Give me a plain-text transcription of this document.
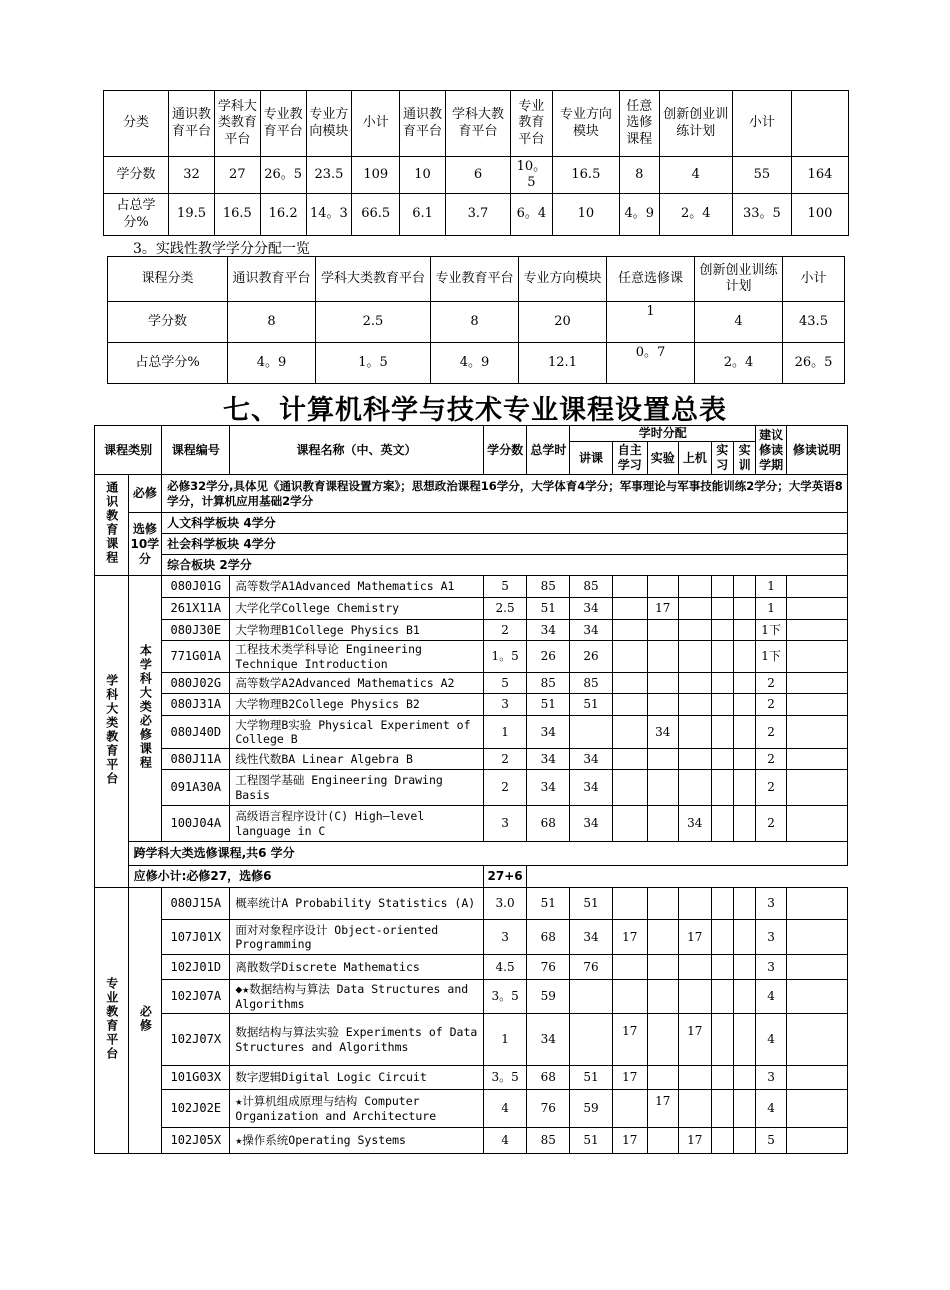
分类	通识教育平台	学科大类教育平台	专业教育平台	专业方向模块	小计	通识教育平台	学科大教育平台	专业教育平台	专业方向模块	任意选修课程	创新创业训练计划	小计	
学分数	32	27	26。5	23.5	109	10	6	10。5	16.5	8	4	55	164
占总学分%	19.5	16.5	16.2	14。3	66.5	6.1	3.7	6。4	10	4。9	2。4	33。5	100
3。实践性教学学分分配一览
课程分类	通识教育平台	学科大类教育平台	专业教育平台	专业方向模块	任意选修课	创新创业训练计划	小计
学分数	8	2.5	8	20	1	4	43.5
占总学分%	4。9	1。5	4。9	12.1	0。7	2。4	26。5
七、计算机科学与技术专业课程设置总表
课程类别		课程编号	课程名称（中、英文）	学分数	总学时	学时分配						建议修读学期	修读说明
						讲课	自主学习	实验	上机	实习	实训		
通识教育课程	必修	必修32学分,具体见《通识教育课程设置方案》；思想政治课程16学分，大学体育4学分；军事理论与军事技能训练2学分；大学英语8学分，计算机应用基础2学分											
	选修10学分	人文科学板块 4学分											
		社会科学板块 4学分											
		综合板块 2学分											
学科大类教育平台	本学科大类必修课程	080J01G	高等数学A1Advanced Mathematics A1	5	85	85						1	
		261X11A	大学化学College Chemistry	2.5	51	34		17				1	
		080J30E	大学物理B1College Physics B1	2	34	34						1下	
		771G01A	工程技术类学科导论 Engineering Technique Introduction	1。5	26	26						1下	
		080J02G	高等数学A2Advanced Mathematics A2	5	85	85						2	
		080J31A	大学物理B2College Physics B2	3	51	51						2	
		080J40D	大学物理B实验 Physical Experiment of College B	1	34			34				2	
		080J11A	线性代数BA Linear Algebra B	2	34	34						2	
		091A30A	工程图学基础 Engineering Drawing Basis	2	34	34						2	
		100J04A	高级语言程序设计(C) High—level language in C	3	68	34			34			2	
	跨学科大类选修课程,共6 学分												
	应修小计:必修27，选修6			27+6									
专业教育平台	必修	080J15A	概率统计A Probability Statistics (A)	3.0	51	51						3	
		107J01X	面对对象程序设计 Object-oriented Programming	3	68	34	17		17			3	
		102J01D	离散数学Discrete Mathematics	4.5	76	76						3	
		102J07A	◆★数据结构与算法 Data Structures and Algorithms	3。5	59							4	
		102J07X	数据结构与算法实验 Experiments of Data Structures and Algorithms	1	34		17		17			4	
		101G03X	数字逻辑Digital Logic Circuit	3。5	68	51	17					3	
		102J02E	★计算机组成原理与结构 Computer Organization and Architecture	4	76	59		17				4	
		102J05X	★操作系统Operating Systems	4	85	51	17		17			5	
